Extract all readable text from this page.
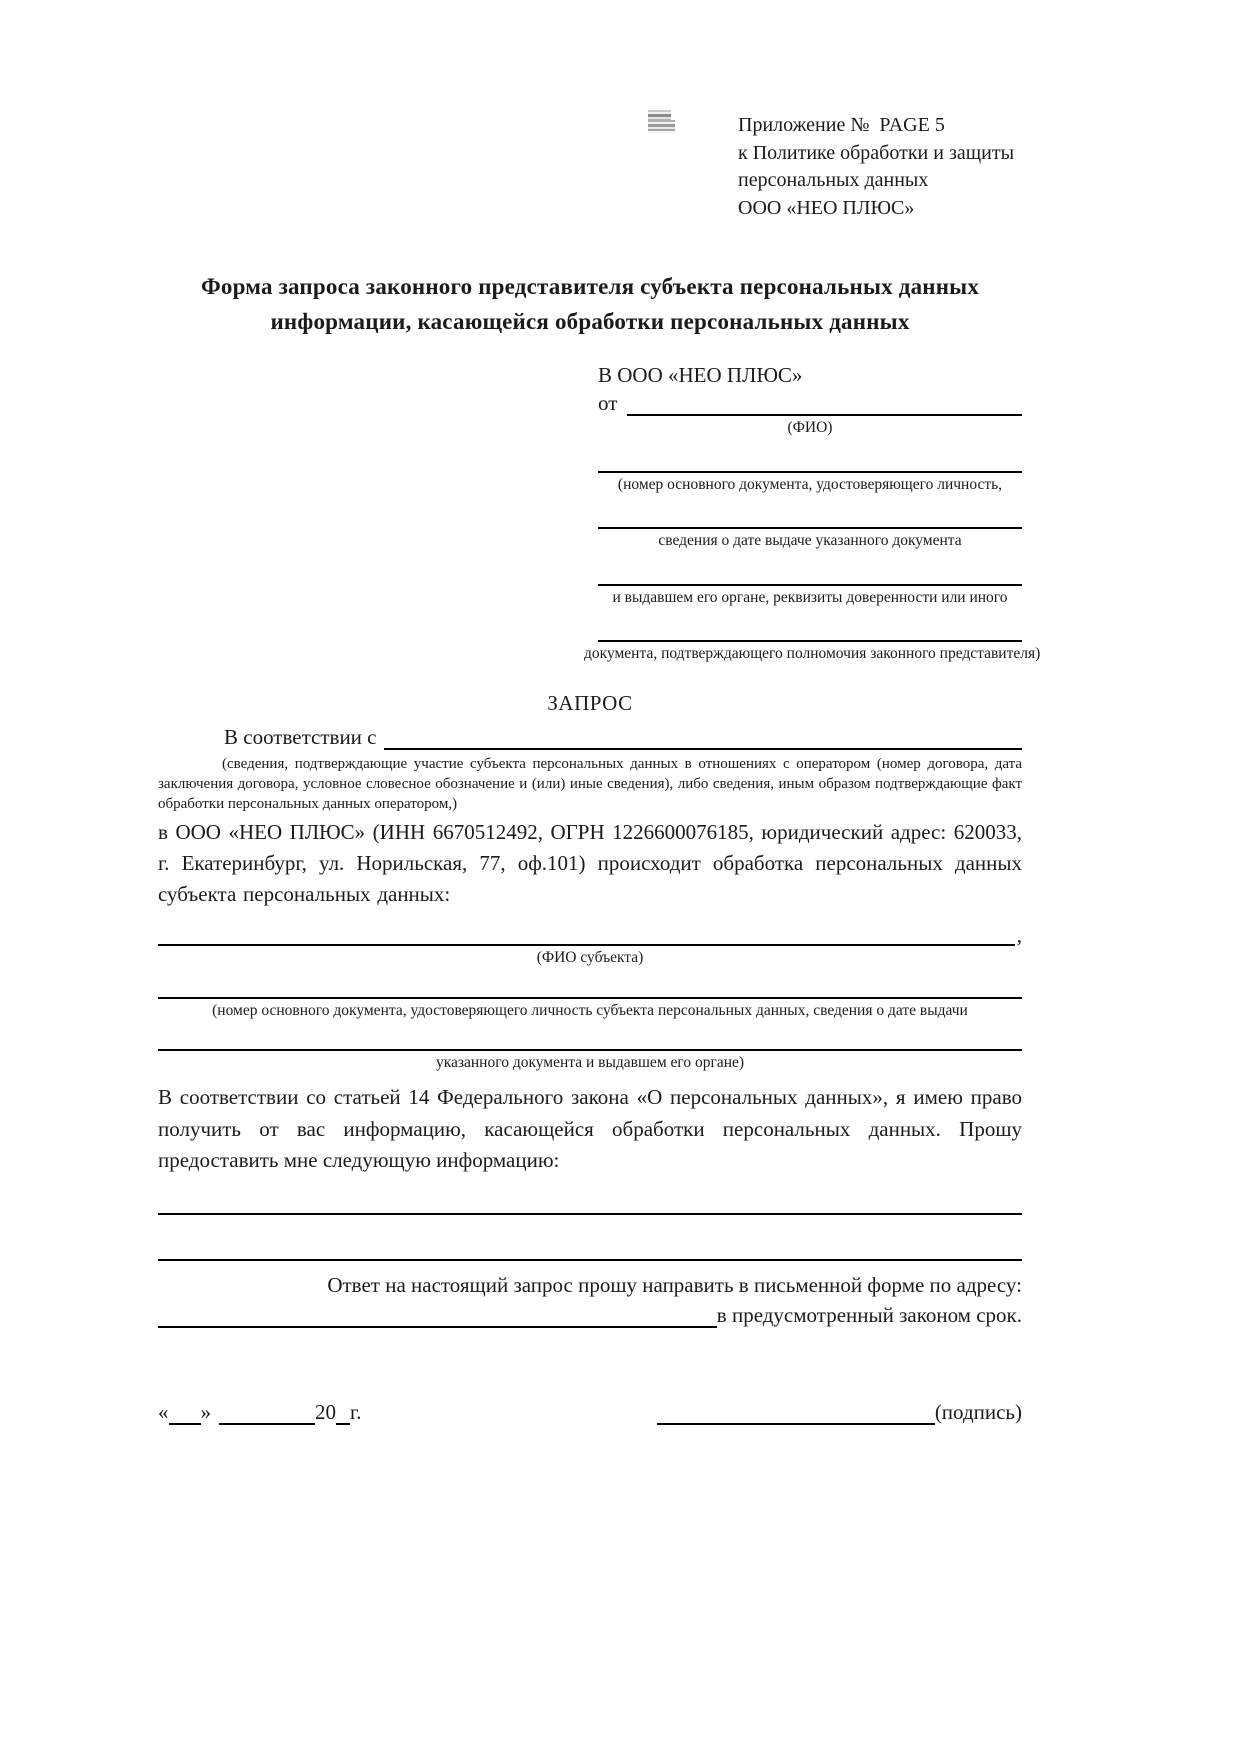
Приложение №  PAGE 5
к Политике обработки и защиты
персональных данных
ООО «НЕО ПЛЮС»
Форма запроса законного представителя субъекта персональных данных информации, касающейся обработки персональных данных
В ООО «НЕО ПЛЮС»
от
(ФИО)
(номер основного документа, удостоверяющего личность,
сведения о дате выдаче указанного документа
и выдавшем его органе, реквизиты доверенности или иного
документа, подтверждающего полномочия законного представителя)
ЗАПРОС
В соответствии с
(сведения, подтверждающие участие субъекта персональных данных в отношениях с оператором (номер договора, дата заключения договора, условное словесное обозначение и (или) иные сведения), либо сведения, иным образом подтверждающие факт обработки персональных данных оператором,)
в ООО «НЕО ПЛЮС» (ИНН 6670512492, ОГРН 1226600076185, юридический адрес: 620033, г. Екатеринбург, ул. Норильская, 77, оф.101) происходит обработка персональных данных субъекта персональных данных:
,
(ФИО субъекта)
(номер основного документа, удостоверяющего личность субъекта персональных данных, сведения о дате выдачи
указанного документа и выдавшем его органе)
В соответствии со статьей 14 Федерального закона «О персональных данных», я имею право получить от вас информацию, касающейся обработки персональных данных. Прошу предоставить мне следующую информацию:
Ответ на настоящий запрос прошу направить в письменной форме по адресу:
в предусмотренный законом срок.
« »	20 г.	(подпись)
